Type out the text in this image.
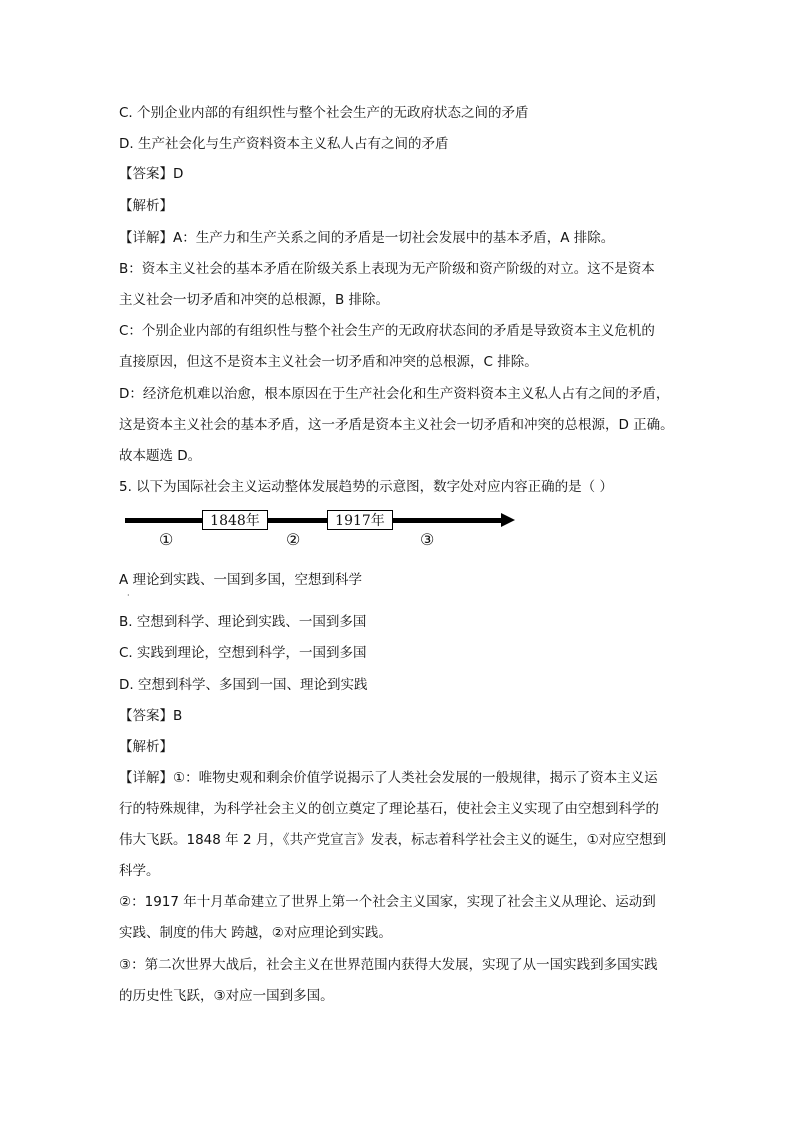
C. 个别企业内部的有组织性与整个社会生产的无政府状态之间的矛盾
D. 生产社会化与生产资料资本主义私人占有之间的矛盾
【答案】D
【解析】
【详解】A：生产力和生产关系之间的矛盾是一切社会发展中的基本矛盾，A 排除。
B：资本主义社会的基本矛盾在阶级关系上表现为无产阶级和资产阶级的对立。这不是资本
主义社会一切矛盾和冲突的总根源，B 排除。
C：个别企业内部的有组织性与整个社会生产的无政府状态间的矛盾是导致资本主义危机的
直接原因，但这不是资本主义社会一切矛盾和冲突的总根源，C 排除。
D：经济危机难以治愈，根本原因在于生产社会化和生产资料资本主义私人占有之间的矛盾，
这是资本主义社会的基本矛盾，这一矛盾是资本主义社会一切矛盾和冲突的总根源，D 正确。
故本题选 D。
5. 以下为国际社会主义运动整体发展趋势的示意图，数字处对应内容正确的是（ ）
A 理论到实践、一国到多国，空想到科学
B. 空想到科学、理论到实践、一国到多国
C. 实践到理论，空想到科学，一国到多国
D. 空想到科学、多国到一国、理论到实践
【答案】B
【解析】
【详解】①：唯物史观和剩余价值学说揭示了人类社会发展的一般规律，揭示了资本主义运
行的特殊规律，为科学社会主义的创立奠定了理论基石，使社会主义实现了由空想到科学的
伟大飞跃。1848 年 2 月，《共产党宣言》发表，标志着科学社会主义的诞生，①对应空想到
科学。
②：1917 年十月革命建立了世界上第一个社会主义国家，实现了社会主义从理论、运动到
实践、制度的伟大 跨越，②对应理论到实践。
③：第二次世界大战后，社会主义在世界范围内获得大发展，实现了从一国实践到多国实践
的历史性飞跃，③对应一国到多国。
1848年	1917年
①	②	③
·
